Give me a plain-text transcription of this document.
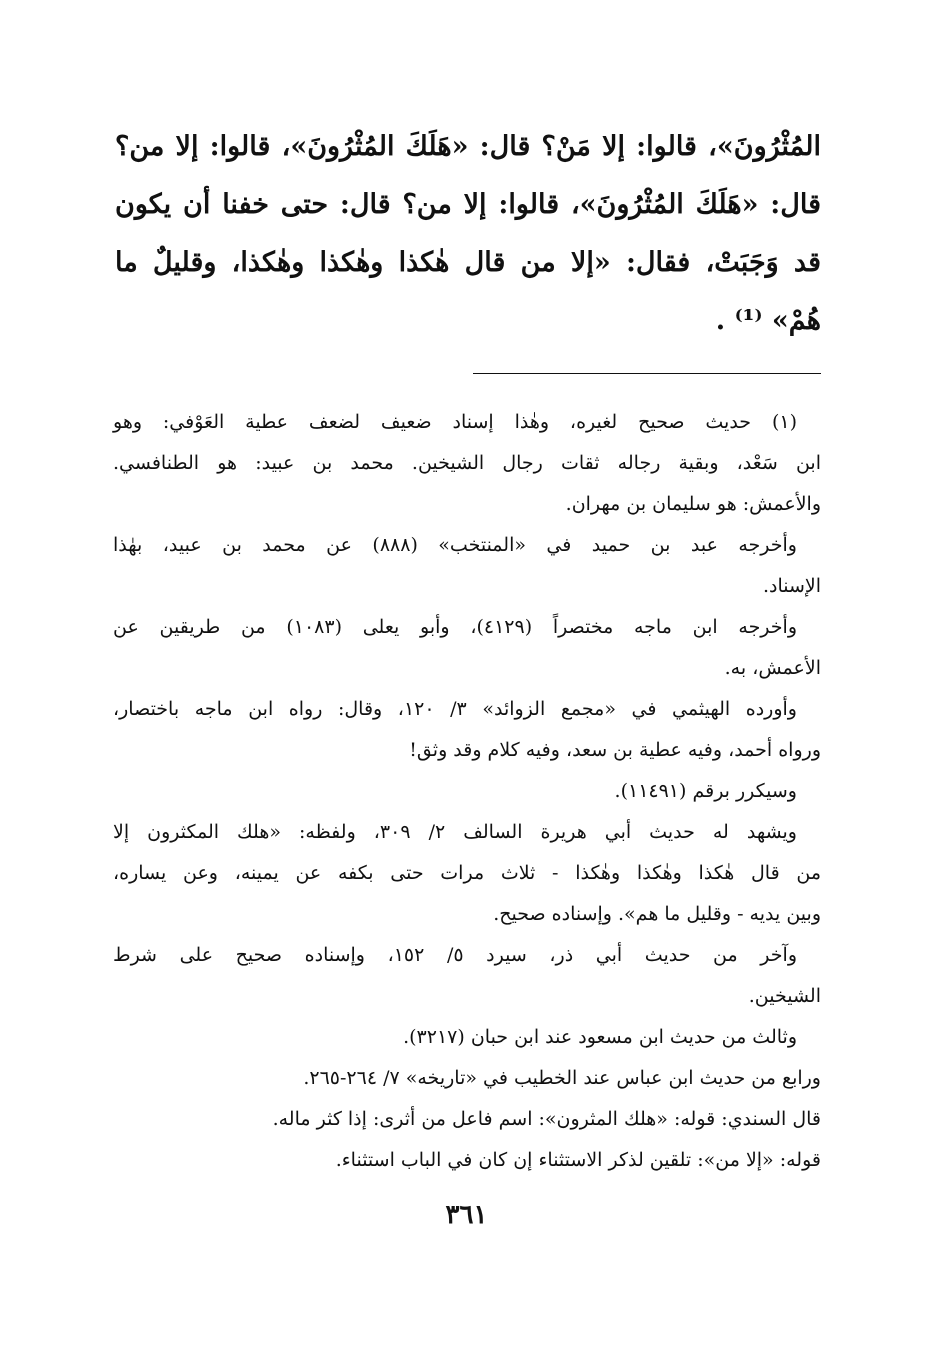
المُثْرُونَ»، قالوا: إلا مَنْ؟ قال: «هَلَكَ المُثْرُونَ»، قالوا: إلا من؟
قال: «هَلَكَ المُثْرُونَ»، قالوا: إلا من؟ قال: حتى خفنا أن يكون
قد وَجَبَتْ، فقال: «إلا من قال هٰكذا وهٰكذا وهٰكذا، وقليلٌ ما
هُمْ» ⁽¹⁾ .
(١) حديث صحيح لغيره، وهٰذا إسناد ضعيف لضعف عطية العَوْفي: وهو
ابن سَعْد، وبقية رجاله ثقات رجال الشيخين. محمد بن عبيد: هو الطنافسي.
والأعمش: هو سليمان بن مهران.
وأخرجه عبد بن حميد في «المنتخب» (٨٨٨) عن محمد بن عبيد، بهٰذا
الإسناد.
وأخرجه ابن ماجه مختصراً (٤١٢٩)، وأبو يعلى (١٠٨٣) من طريقين عن
الأعمش، به.
وأورده الهيثمي في «مجمع الزوائد» ٣/ ١٢٠، وقال: رواه ابن ماجه باختصار،
ورواه أحمد، وفيه عطية بن سعد، وفيه كلام وقد وثق!
وسيكرر برقم (١١٤٩١).
ويشهد له حديث أبي هريرة السالف ٢/ ٣٠٩، ولفظه: «هلك المكثرون إلا
من قال هٰكذا وهٰكذا وهٰكذا - ثلاث مرات حتى بكفه عن يمينه، وعن يساره،
وبين يديه - وقليل ما هم». وإسناده صحيح.
وآخر من حديث أبي ذر، سيرد ٥/ ١٥٢، وإسناده صحيح على شرط
الشيخين.
وثالث من حديث ابن مسعود عند ابن حبان (٣٢١٧).
ورابع من حديث ابن عباس عند الخطيب في «تاريخه» ٧/ ٢٦٤-٢٦٥.
قال السندي: قوله: «هلك المثرون»: اسم فاعل من أثرى: إذا كثر ماله.
قوله: «إلا من»: تلقين لذكر الاستثناء إن كان في الباب استثناء.
٣٦١
